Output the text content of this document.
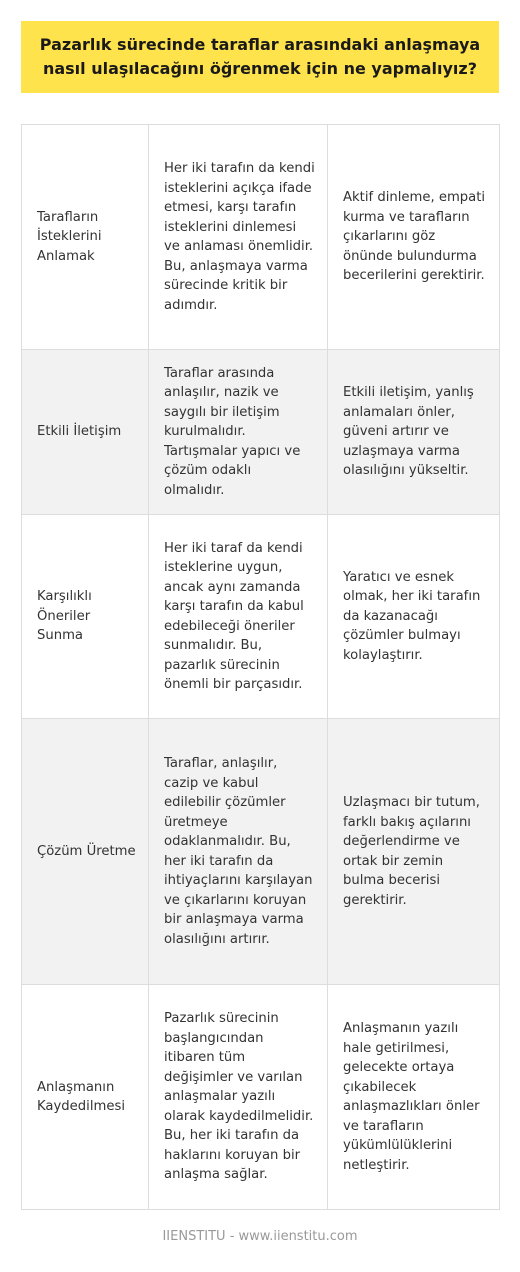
Pazarlık sürecinde taraflar arasındaki anlaşmaya nasıl ulaşılacağını öğrenmek için ne yapmalıyız?
Tarafların İsteklerini Anlamak	Her iki tarafın da kendi isteklerini açıkça ifade etmesi, karşı tarafın isteklerini dinlemesi ve anlaması önemlidir. Bu, anlaşmaya varma sürecinde kritik bir adımdır.	Aktif dinleme, empati kurma ve tarafların çıkarlarını göz önünde bulundurma becerilerini gerektirir.
Etkili İletişim	Taraflar arasında anlaşılır, nazik ve saygılı bir iletişim kurulmalıdır. Tartışmalar yapıcı ve çözüm odaklı olmalıdır.	Etkili iletişim, yanlış anlamaları önler, güveni artırır ve uzlaşmaya varma olasılığını yükseltir.
Karşılıklı Öneriler Sunma	Her iki taraf da kendi isteklerine uygun, ancak aynı zamanda karşı tarafın da kabul edebileceği öneriler sunmalıdır. Bu, pazarlık sürecinin önemli bir parçasıdır.	Yaratıcı ve esnek olmak, her iki tarafın da kazanacağı çözümler bulmayı kolaylaştırır.
Çözüm Üretme	Taraflar, anlaşılır, cazip ve kabul edilebilir çözümler üretmeye odaklanmalıdır. Bu, her iki tarafın da ihtiyaçlarını karşılayan ve çıkarlarını koruyan bir anlaşmaya varma olasılığını artırır.	Uzlaşmacı bir tutum, farklı bakış açılarını değerlendirme ve ortak bir zemin bulma becerisi gerektirir.
Anlaşmanın Kaydedilmesi	Pazarlık sürecinin başlangıcından itibaren tüm değişimler ve varılan anlaşmalar yazılı olarak kaydedilmelidir. Bu, her iki tarafın da haklarını koruyan bir anlaşma sağlar.	Anlaşmanın yazılı hale getirilmesi, gelecekte ortaya çıkabilecek anlaşmazlıkları önler ve tarafların yükümlülüklerini netleştirir.
IIENSTITU - www.iienstitu.com
